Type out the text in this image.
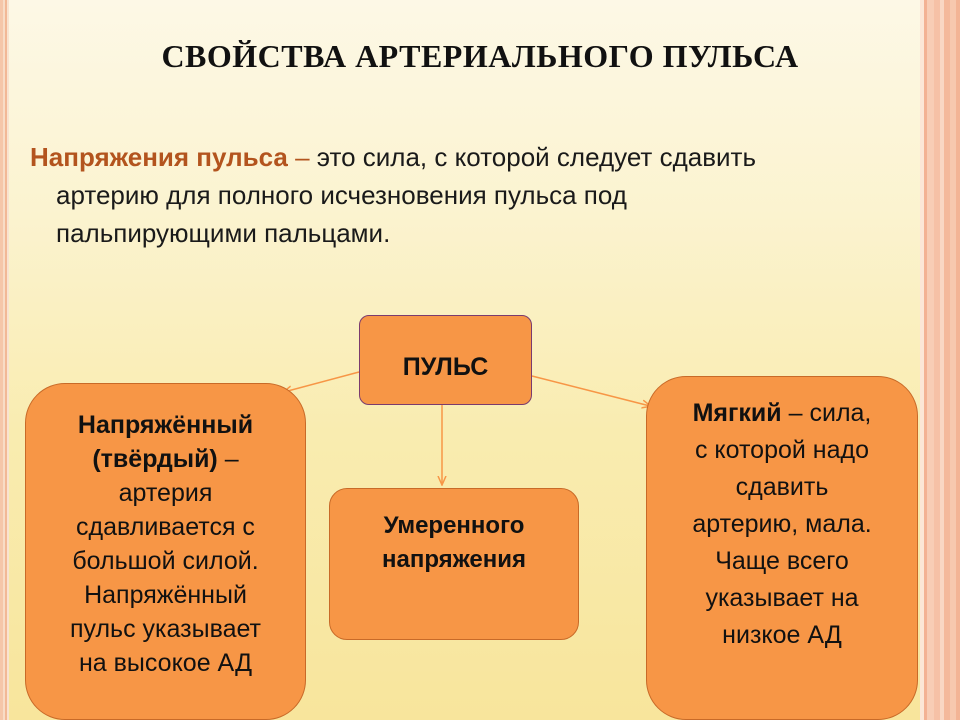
СВОЙСТВА АРТЕРИАЛЬНОГО ПУЛЬСА
Напряжения пульса – это сила, с которой следует сдавить
артерию для полного исчезновения пульса под
пальпирующими пальцами.
ПУЛЬС
Напряжённый
(твёрдый) –
артерия
сдавливается с
большой силой.
Напряжённый
пульс указывает
на высокое АД
Умеренного
напряжения
Мягкий – сила,
с которой надо
сдавить
артерию, мала.
Чаще всего
указывает на
низкое АД
